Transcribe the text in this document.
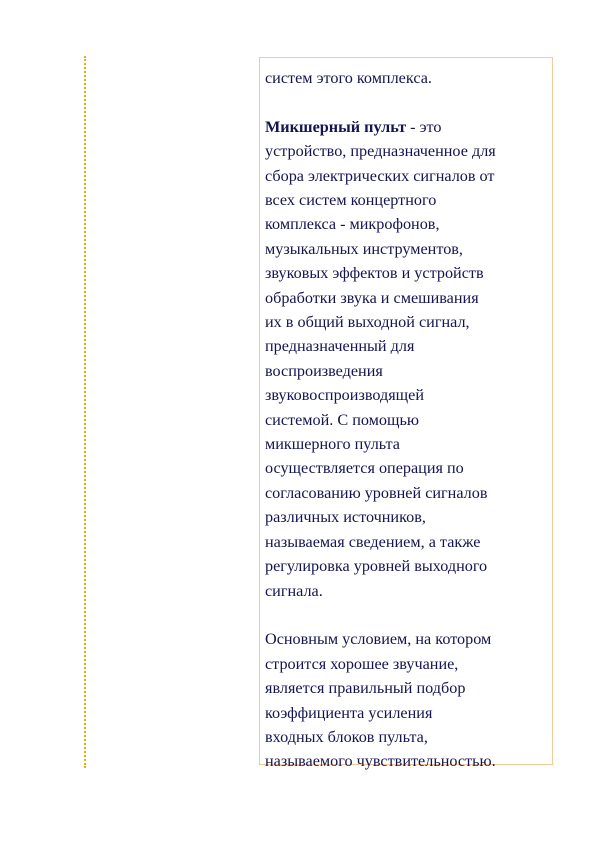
систем этого комплекса.

Микшерный пульт - это
устройство, предназначенное для
сбора электрических сигналов от
всех систем концертного
комплекса - микрофонов,
музыкальных инструментов,
звуковых эффектов и устройств
обработки звука и смешивания
их в общий выходной сигнал,
предназначенный для
воспроизведения
звуковоспроизводящей
системой. С помощью
микшерного пульта
осуществляется операция по
согласованию уровней сигналов
различных источников,
называемая сведением, а также
регулировка уровней выходного
сигнала.

Основным условием, на котором
строится хорошее звучание,
является правильный подбор
коэффициента усиления
входных блоков пульта,
называемого чувствительностью.
